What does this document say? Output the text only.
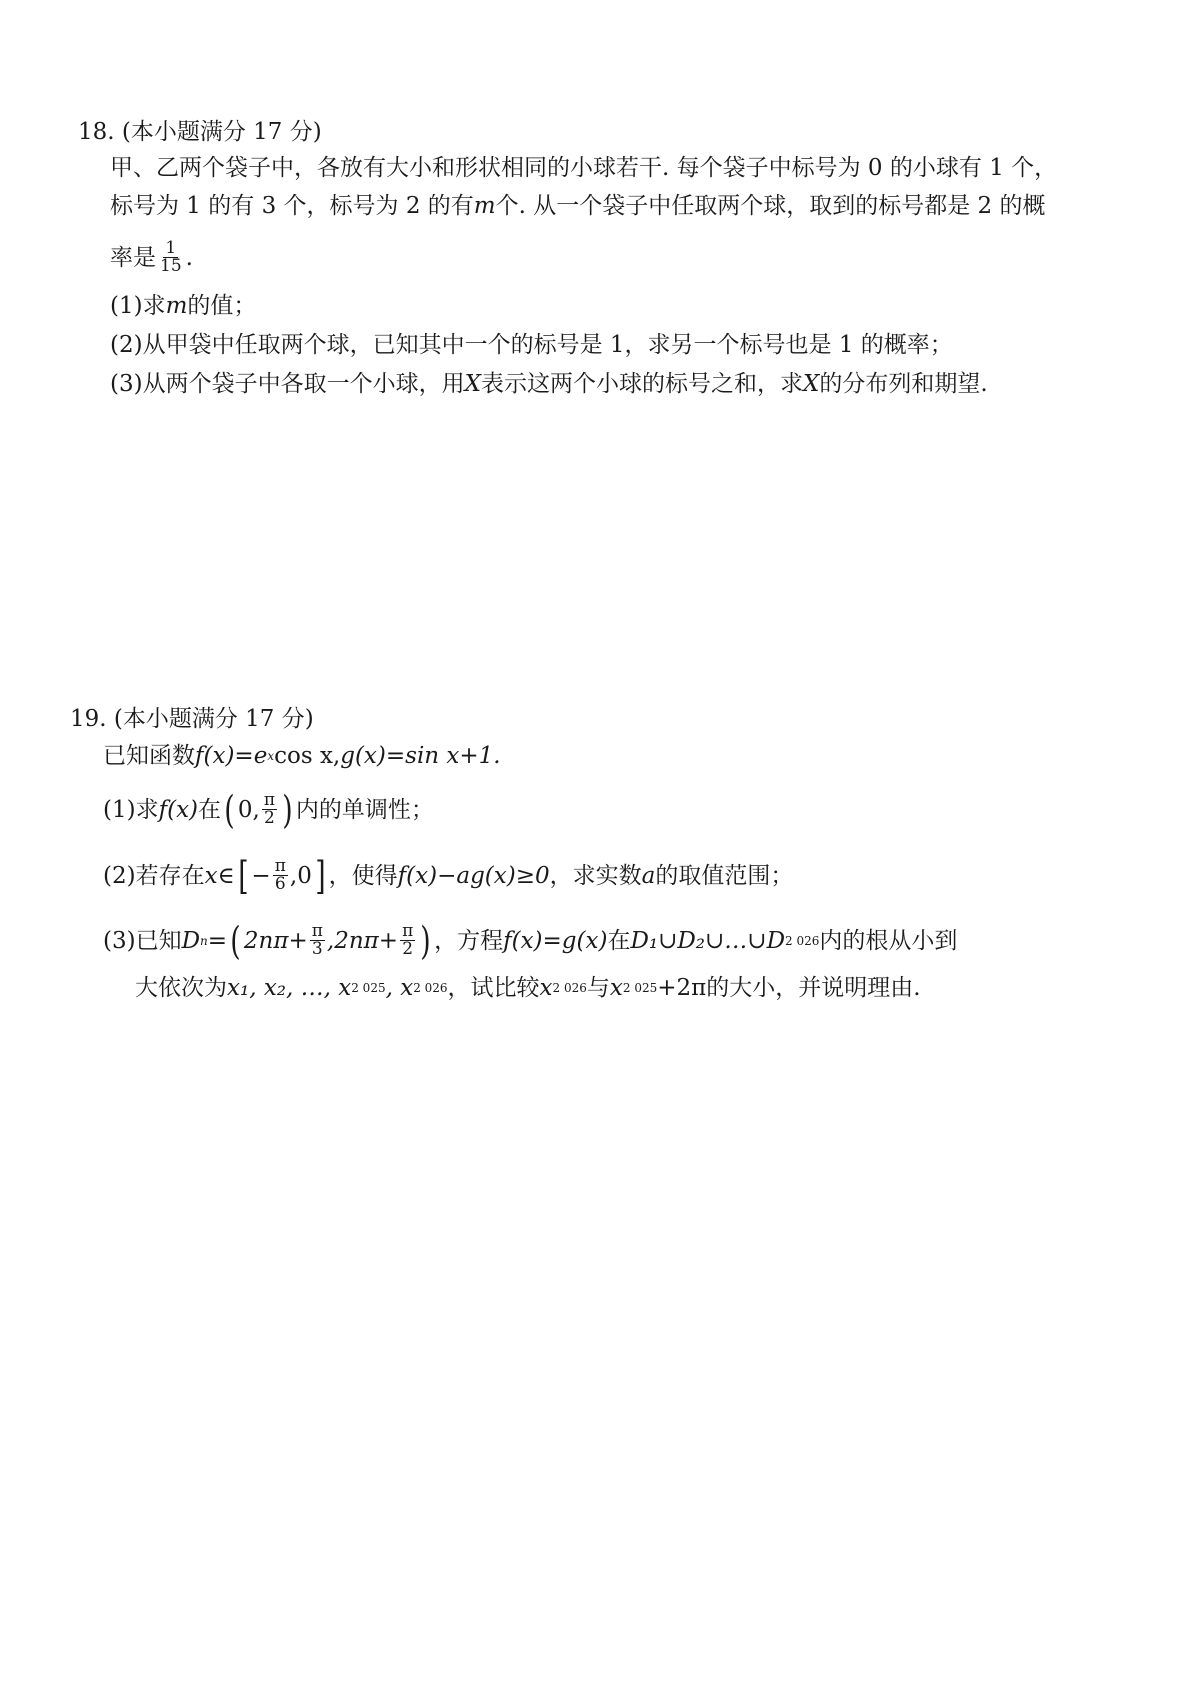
18. (本小题满分 17 分)
甲、乙两个袋子中，各放有大小和形状相同的小球若干. 每个袋子中标号为 0 的小球有 1 个，
标号为 1 的有 3 个，标号为 2 的有 m 个. 从一个袋子中任取两个球，取到的标号都是 2 的概
率是 $\frac{1}{15}$ .
(1)求 m 的值；
(2)从甲袋中任取两个球，已知其中一个的标号是 1，求另一个标号也是 1 的概率；
(3)从两个袋子中各取一个小球，用 X 表示这两个小球的标号之和，求 X 的分布列和期望.
19. (本小题满分 17 分)
已知函数 f(x)=e x cos x, g(x)=sin x+1.
(1)求 f(x) 在 ( 0, $\frac{\pi}{2}$ ) 内的单调性；
(2)若存在 x∈ [ − $\frac{\pi}{6} ,0$ ] ，使得 f(x)−ag(x)≥0 ，求实数 a 的取值范围；
(3)已知 D n = ( $2n\pi+ \frac{\pi}{3} ,2n\pi+ \frac{\pi}{2}$ ) ，方程 f(x)=g(x) 在 D₁∪D₂∪…∪D 2 026 内的根从小到
大依次为 x₁, x₂, …, x 2 025 , x 2 026 ，试比较 x 2 026 与 x 2 025 +2π 的大小，并说明理由.
